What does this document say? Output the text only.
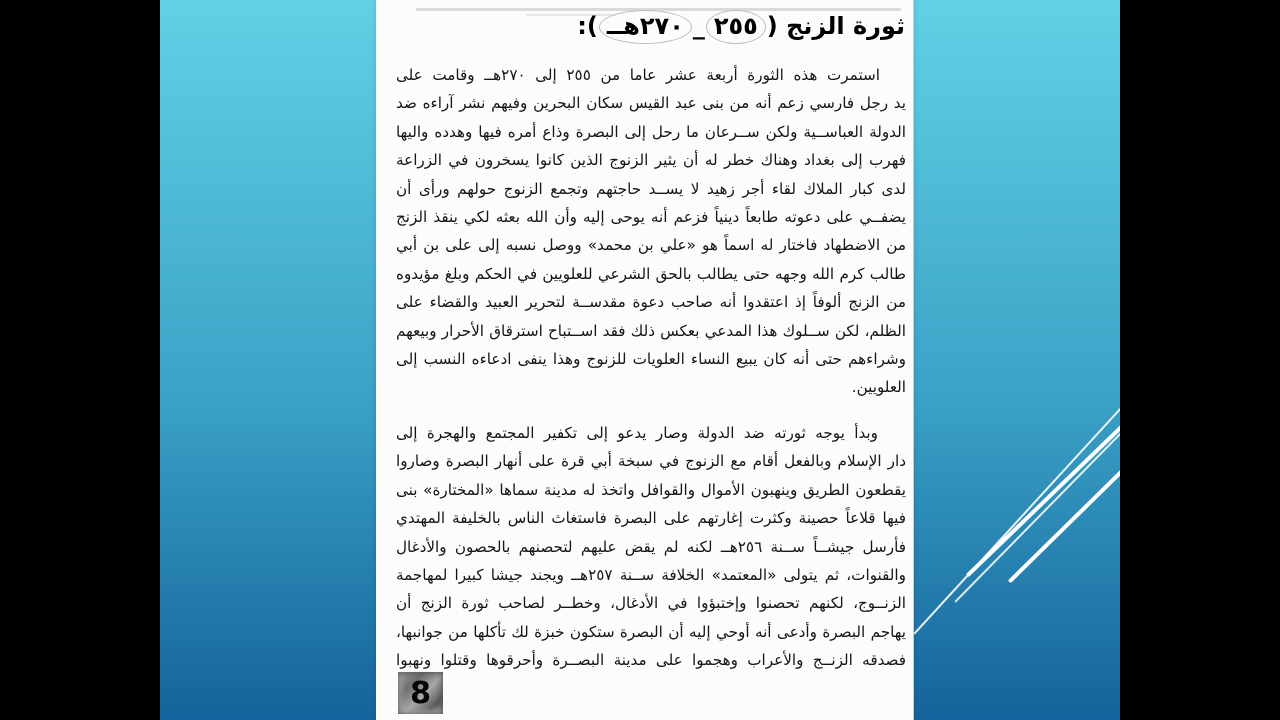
ثورة الزنج (٢٥٥_٢٧٠هــ):
استمرت هذه الثورة أربعة عشر عاما من ٢٥٥ إلى ٢٧٠هــ وقامت على
يد رجل فارسي زعم أنه من بنى عبد القيس سكان البحرين وفيهم نشر آراءه ضد
الدولة العباســية ولكن ســرعان ما رحل إلى البصرة وذاع أمره فيها وهدده واليها
فهرب إلى بغداد وهناك خطر له أن يثير الزنوج الذين كانوا يسخرون في الزراعة
لدى كبار الملاك لقاء أجر زهيد لا يســد حاجتهم وتجمع الزنوج حولهم ورأى أن
يضفــي على دعوته طابعاً دينياً فزعم أنه يوحى إليه وأن الله بعثه لكي ينقذ الزنج
من الاضطهاد فاختار له اسماً هو «علي بن محمد» ووصل نسبه إلى على بن أبي
طالب كرم الله وجهه حتى يطالب بالحق الشرعي للعلويين في الحكم وبلغ مؤيدوه
من الزنج ألوفاً إذ اعتقدوا أنه صاحب دعوة مقدســة لتحرير العبيد والقضاء على
الظلم، لكن ســلوك هذا المدعي بعكس ذلك فقد اســتباح استرقاق الأحرار وبيعهم
وشراءهم حتى أنه كان يبيع النساء العلويات للزنوج وهذا ينفى ادعاءه النسب إلى
العلويين.
وبدأ يوجه ثورته ضد الدولة وصار يدعو إلى تكفير المجتمع والهجرة إلى
دار الإسلام وبالفعل أقام مع الزنوج في سبخة أبي قرة على أنهار البصرة وصاروا
يقطعون الطريق وينهبون الأموال والقوافل واتخذ له مدينة سماها «المختارة» بنى
فيها قلاعاً حصينة وكثرت إغارتهم على البصرة فاستغاث الناس بالخليفة المهتدي
فأرسل جيشــاً ســنة ٢٥٦هــ لكنه لم يقض عليهم لتحصنهم بالحصون والأدغال
والقنوات، ثم يتولى «المعتمد» الخلافة ســنة ٢٥٧هــ ويجند جيشا كبيرا لمهاجمة
الزنــوج، لكنهم تحصنوا وإختبؤوا في الأدغال، وخطــر لصاحب ثورة الزنج أن
يهاجم البصرة وأدعى أنه أوحي إليه أن البصرة ستكون خبزة لك تأكلها من جوانبها،
فصدقه الزنــج والأعراب وهجموا على مدينة البصــرة وأحرقوها وقتلوا ونهبوا
8
